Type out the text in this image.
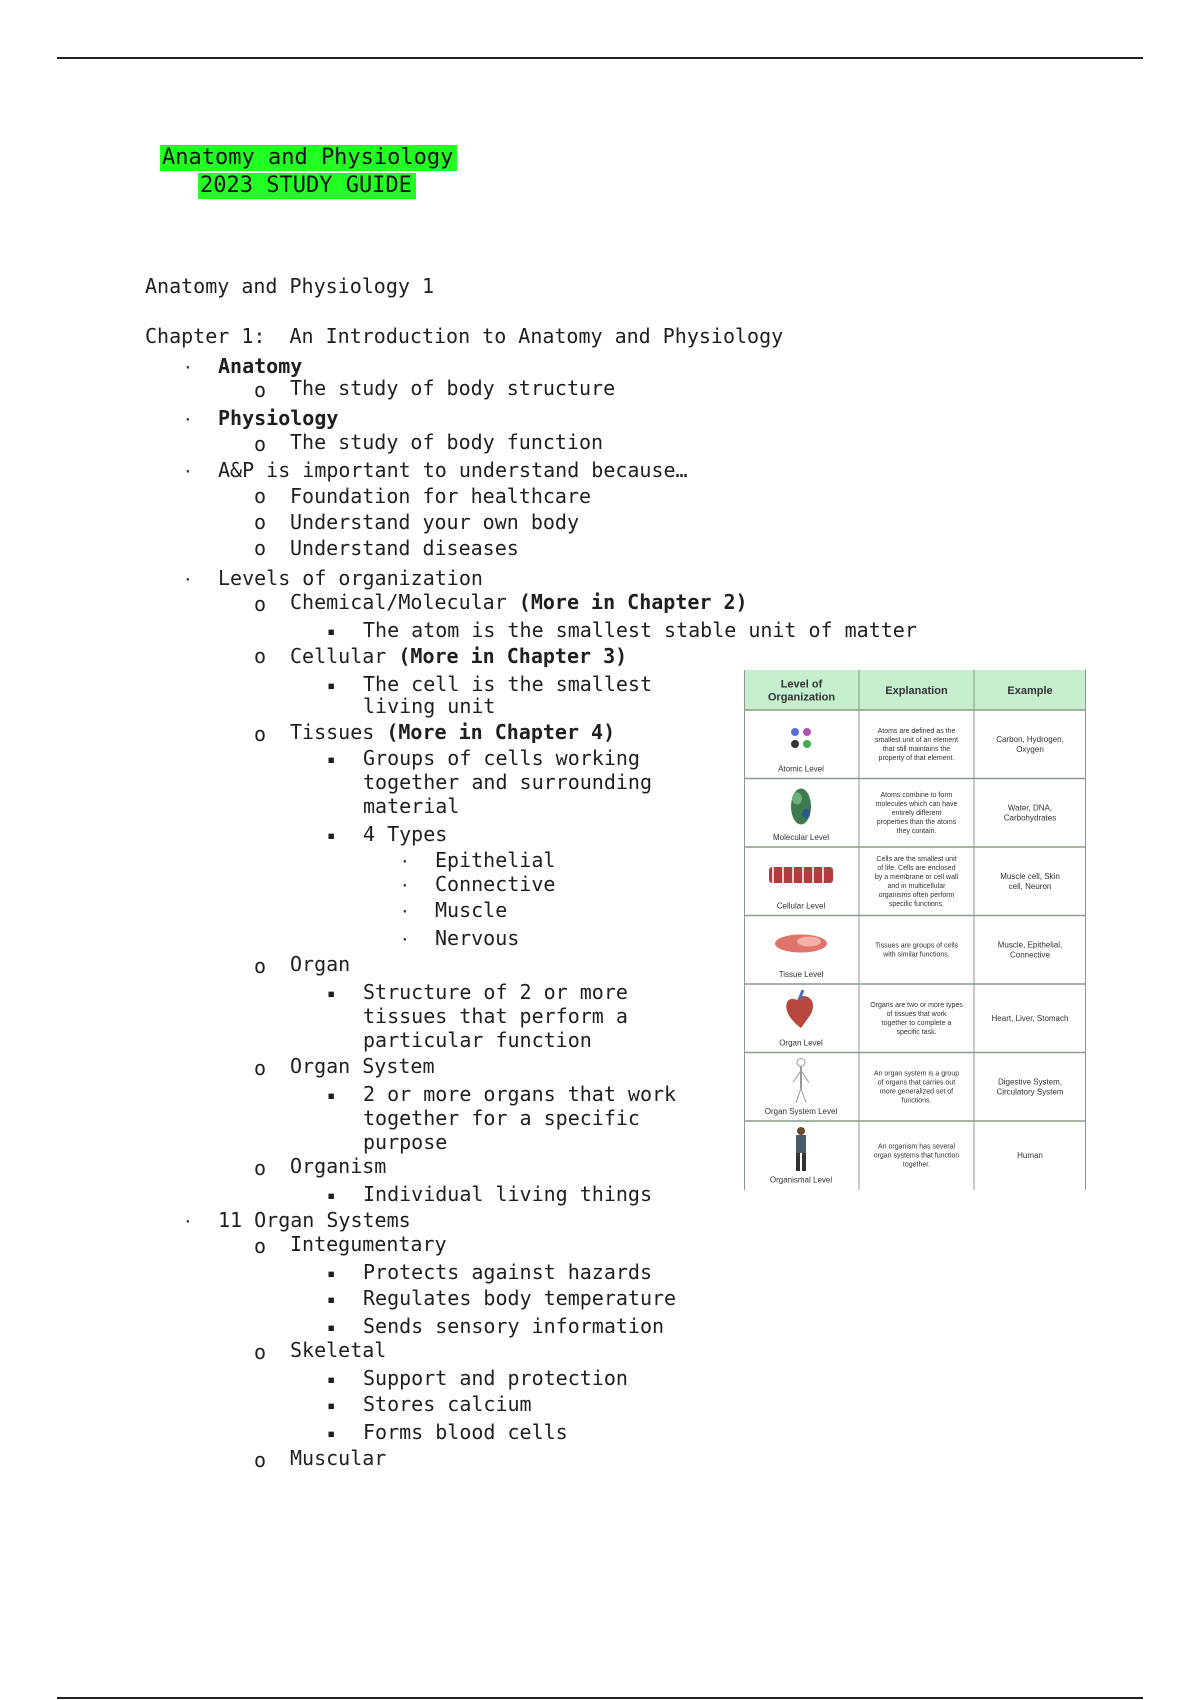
Anatomy and Physiology
2023 STUDY GUIDE
Anatomy and Physiology 1
Chapter 1:  An Introduction to Anatomy and Physiology
· Anatomy
o The study of body structure
· Physiology
o The study of body function
· A&P is important to understand because…
o Foundation for healthcare
o Understand your own body
o Understand diseases
· Levels of organization
o Chemical/Molecular (More in Chapter 2)
▪ The atom is the smallest stable unit of matter
o Cellular (More in Chapter 3)
▪ The cell is the smallest
living unit
o Tissues (More in Chapter 4)
▪ Groups of cells working
together and surrounding
material
▪ 4 Types
· Epithelial
· Connective
· Muscle
· Nervous
o Organ
▪ Structure of 2 or more
tissues that perform a
particular function
o Organ System
▪ 2 or more organs that work
together for a specific
purpose
o Organism
▪ Individual living things
· 11 Organ Systems
o Integumentary
▪ Protects against hazards
▪ Regulates body temperature
▪ Sends sensory information
o Skeletal
▪ Support and protection
▪ Stores calcium
▪ Forms blood cells
o Muscular
Level of Organization
Explanation	Example
Atomic Level
Atoms are defined as the smallest unit of an element that still maintains the property of that element.
Carbon, Hydrogen, Oxygen
Molecular Level
Atoms combine to form molecules which can have entirely different properties than the atoms they contain.
Water, DNA, Carbohydrates
Cellular Level
Cells are the smallest unit of life. Cells are enclosed by a membrane or cell wall and in multicellular organisms often perform specific functions.
Muscle cell, Skin cell, Neuron
Tissue Level
Tissues are groups of cells with similar functions.
Muscle, Epithelial, Connective
Organ Level
Organs are two or more types of tissues that work together to complete a specific task.
Heart, Liver, Stomach
Organ System Level
An organ system is a group of organs that carries out more generalized set of functions.
Digestive System, Circulatory System
Organismal Level
An organism has several organ systems that function together.
Human
